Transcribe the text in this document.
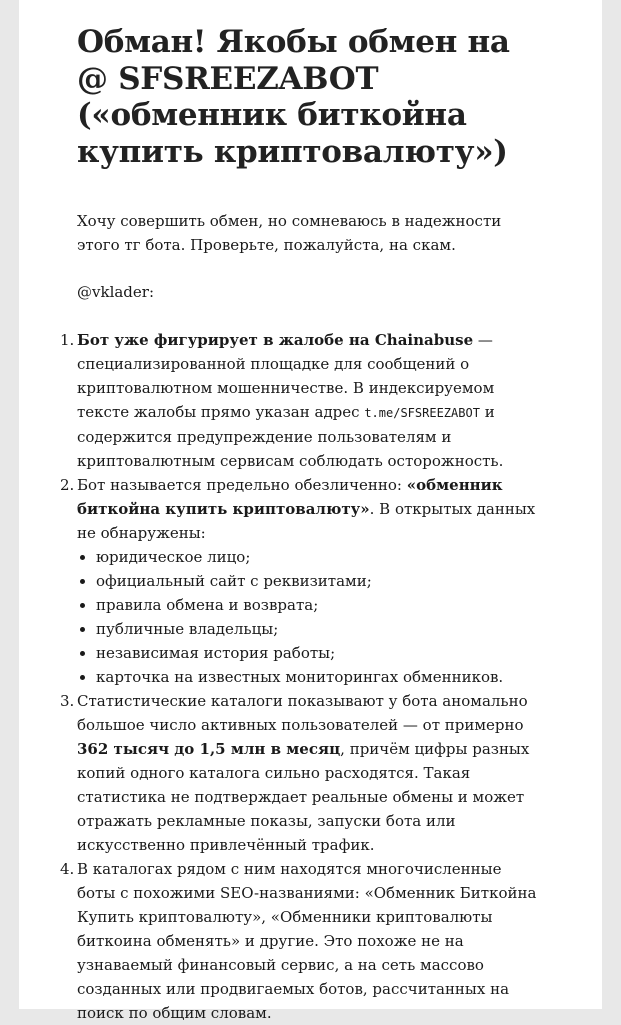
Обман! Якобы обмен на @ SFSREEZABOT («обменник биткойна купить криптовалюту»)

Хочу совершить обмен, но сомневаюсь в надежности этого тг бота. Проверьте, пожалуйста, на скам.

@vklader:

1. Бот уже фигурирует в жалобе на Chainabuse — специализированной площадке для сообщений о криптовалютном мошенничестве. В индексируемом тексте жалобы прямо указан адрес t.me/SFSREEZABOT и содержится предупреждение пользователям и криптовалютным сервисам соблюдать осторожность.
2. Бот называется предельно обезличенно: «обменник биткойна купить криптовалюту». В открытых данных не обнаружены:
юридическое лицо;
официальный сайт с реквизитами;
правила обмена и возврата;
публичные владельцы;
независимая история работы;
карточка на известных мониторингах обменников.
3. Статистические каталоги показывают у бота аномально большое число активных пользователей — от примерно 362 тысяч до 1,5 млн в месяц, причём цифры разных копий одного каталога сильно расходятся. Такая статистика не подтверждает реальные обмены и может отражать рекламные показы, запуски бота или искусственно привлечённый трафик.
4. В каталогах рядом с ним находятся многочисленные боты с похожими SEO-названиями: «Обменник Биткойна Купить криптовалюту», «Обменники криптовалюты биткоина обменять» и другие. Это похоже не на узнаваемый финансовый сервис, а на сеть массово созданных или продвигаемых ботов, рассчитанных на поиск по общим словам.
